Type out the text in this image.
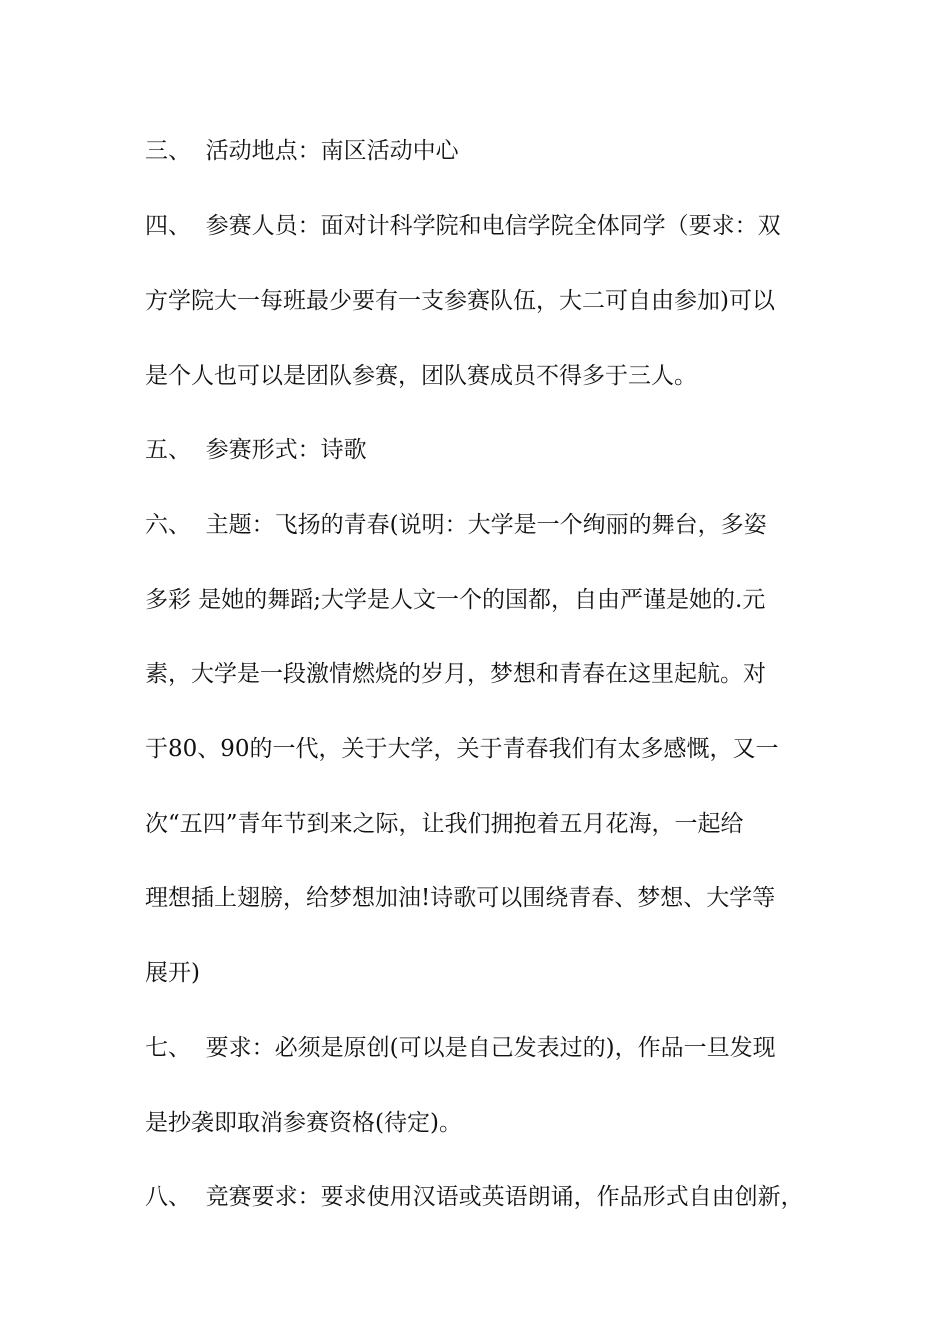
三、  活动地点：南区活动中心
四、  参赛人员：面对计科学院和电信学院全体同学（要求：双
方学院大一每班最少要有一支参赛队伍，大二可自由参加)可以
是个人也可以是团队参赛，团队赛成员不得多于三人。
五、  参赛形式：诗歌
六、  主题：飞扬的青春(说明：大学是一个绚丽的舞台，多姿
多彩 是她的舞蹈;大学是人文一个的国都，自由严谨是她的.元
素，大学是一段激情燃烧的岁月，梦想和青春在这里起航。对
于80、90的一代，关于大学，关于青春我们有太多感慨，又一
次“五四”青年节到来之际，让我们拥抱着五月花海，一起给
理想插上翅膀，给梦想加油!诗歌可以围绕青春、梦想、大学等
展开)
七、  要求：必须是原创(可以是自己发表过的)，作品一旦发现
是抄袭即取消参赛资格(待定)。
八、  竞赛要求：要求使用汉语或英语朗诵，作品形式自由创新，
